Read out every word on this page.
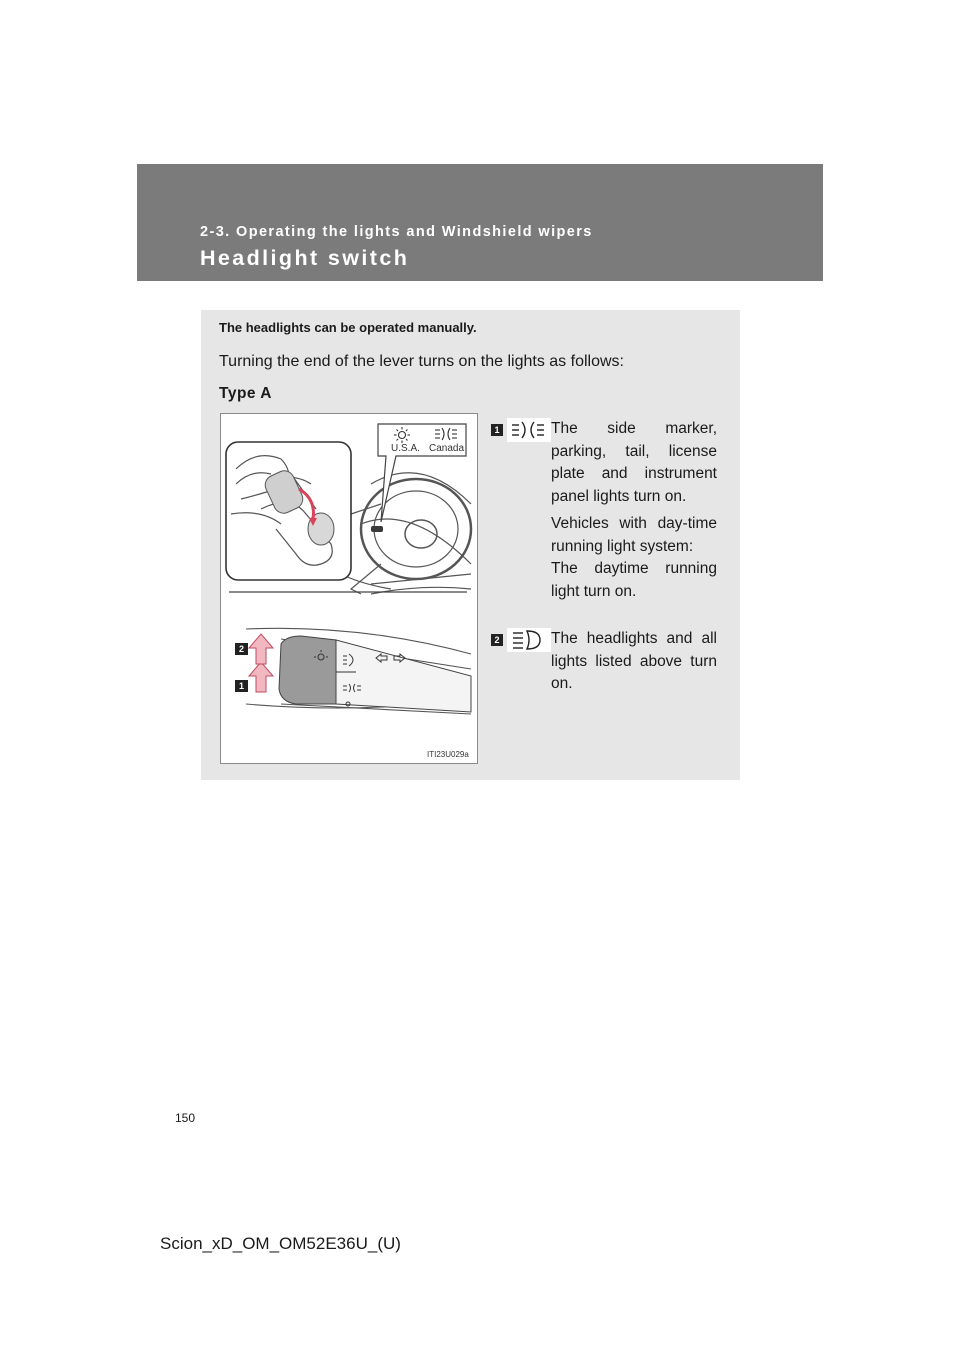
2-3. Operating the lights and Windshield wipers

Headlight switch

The headlights can be operated manually.

Turning the end of the lever turns on the lights as follows:

Type A

U.S.A. Canada
ITI23U029a
2
1
1	The side marker, parking, tail, license plate and instrument panel lights turn on.
Vehicles with day-time running light system:
The daytime running light turn on.
2	The headlights and all lights listed above turn on.

150

Scion_xD_OM_OM52E36U_(U)
